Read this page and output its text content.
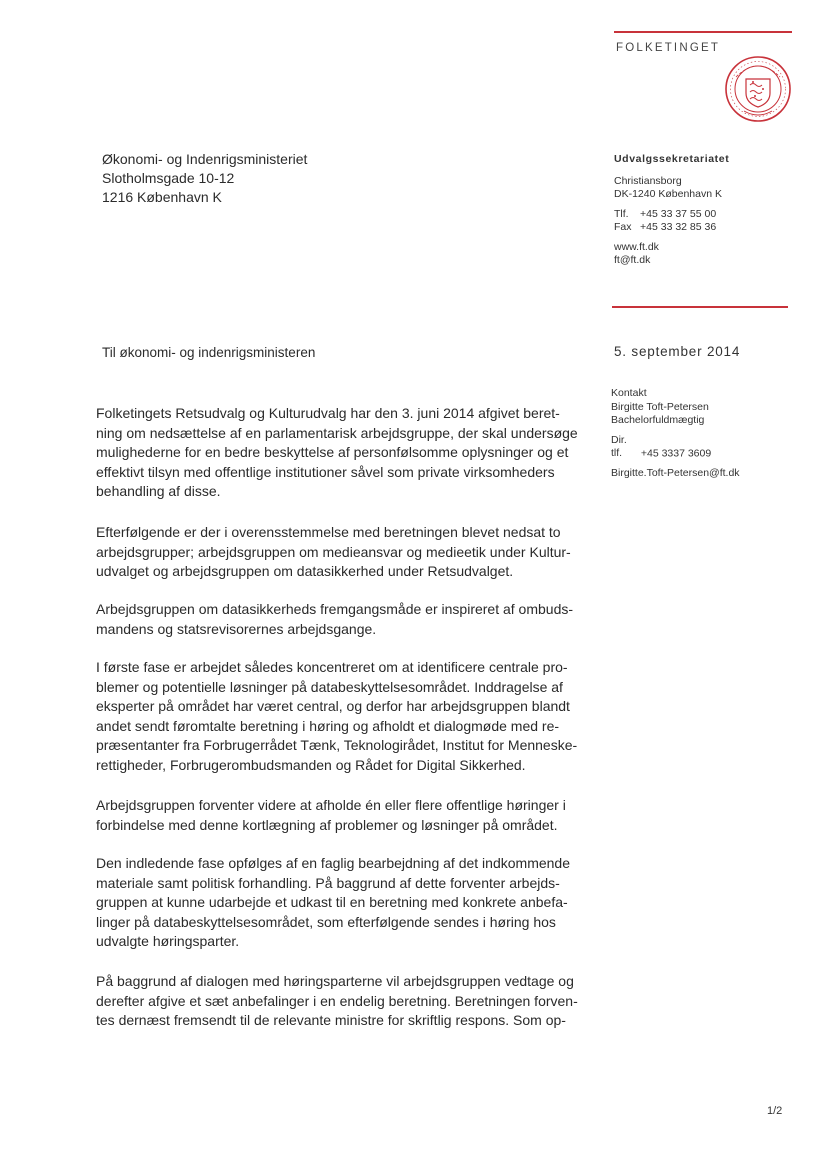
FOLKETINGET
Økonomi- og Indenrigsministeriet
Slotholmsgade 10-12
1216 København K
Udvalgssekretariatet
Christiansborg
DK-1240 København K
Tlf. +45 33 37 55 00
Fax +45 33 32 85 36
www.ft.dk
ft@ft.dk
Til økonomi- og indenrigsministeren	5. september 2014
Kontakt
Birgitte Toft-Petersen
Bachelorfuldmægtig
Dir. tlf. +45 3337 3609
Birgitte.Toft-Petersen@ft.dk
Folketingets Retsudvalg og Kulturudvalg har den 3. juni 2014 afgivet beret-
ning om nedsættelse af en parlamentarisk arbejdsgruppe, der skal undersøge
mulighederne for en bedre beskyttelse af personfølsomme oplysninger og et
effektivt tilsyn med offentlige institutioner såvel som private virksomheders
behandling af disse.
Efterfølgende er der i overensstemmelse med beretningen blevet nedsat to
arbejdsgrupper; arbejdsgruppen om medieansvar og medieetik under Kultur-
udvalget og arbejdsgruppen om datasikkerhed under Retsudvalget.
Arbejdsgruppen om datasikkerheds fremgangsmåde er inspireret af ombuds-
mandens og statsrevisorernes arbejdsgange.
I første fase er arbejdet således koncentreret om at identificere centrale pro-
blemer og potentielle løsninger på databeskyttelsesområdet. Inddragelse af
eksperter på området har været central, og derfor har arbejdsgruppen blandt
andet sendt føromtalte beretning i høring og afholdt et dialogmøde med re-
præsentanter fra Forbrugerrådet Tænk, Teknologirådet, Institut for Menneske-
rettigheder, Forbrugerombudsmanden og Rådet for Digital Sikkerhed.
Arbejdsgruppen forventer videre at afholde én eller flere offentlige høringer i
forbindelse med denne kortlægning af problemer og løsninger på området.
Den indledende fase opfølges af en faglig bearbejdning af det indkommende
materiale samt politisk forhandling. På baggrund af dette forventer arbejds-
gruppen at kunne udarbejde et udkast til en beretning med konkrete anbefa-
linger på databeskyttelsesområdet, som efterfølgende sendes i høring hos
udvalgte høringsparter.
På baggrund af dialogen med høringsparterne vil arbejdsgruppen vedtage og
derefter afgive et sæt anbefalinger i en endelig beretning. Beretningen forven-
tes dernæst fremsendt til de relevante ministre for skriftlig respons. Som op-
1/2
